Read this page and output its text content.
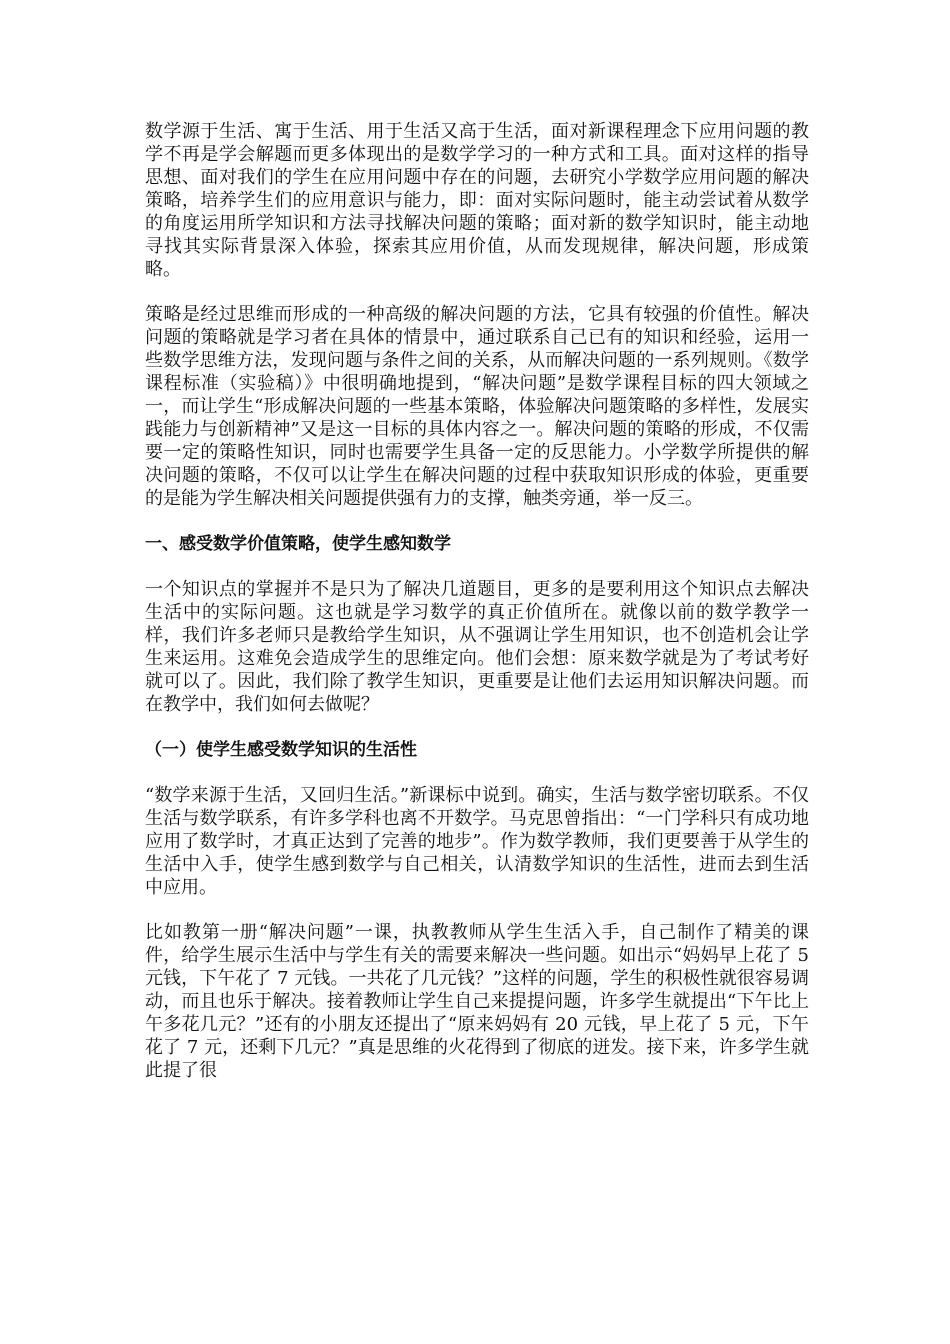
数学源于生活、寓于生活、用于生活又高于生活，面对新课程理念下应用问题的教学不再是学会解题而更多体现出的是数学学习的一种方式和工具。面对这样的指导思想、面对我们的学生在应用问题中存在的问题，去研究小学数学应用问题的解决策略，培养学生们的应用意识与能力，即：面对实际问题时，能主动尝试着从数学的角度运用所学知识和方法寻找解决问题的策略；面对新的数学知识时，能主动地寻找其实际背景深入体验，探索其应用价值，从而发现规律，解决问题，形成策略。

策略是经过思维而形成的一种高级的解决问题的方法，它具有较强的价值性。解决问题的策略就是学习者在具体的情景中，通过联系自己已有的知识和经验，运用一些数学思维方法，发现问题与条件之间的关系，从而解决问题的一系列规则。《数学课程标准（实验稿）》中很明确地提到，“解决问题”是数学课程目标的四大领域之一，而让学生“形成解决问题的一些基本策略，体验解决问题策略的多样性，发展实践能力与创新精神”又是这一目标的具体内容之一。解决问题的策略的形成，不仅需要一定的策略性知识，同时也需要学生具备一定的反思能力。小学数学所提供的解决问题的策略，不仅可以让学生在解决问题的过程中获取知识形成的体验，更重要的是能为学生解决相关问题提供强有力的支撑，触类旁通，举一反三。

一、感受数学价值策略，使学生感知数学

一个知识点的掌握并不是只为了解决几道题目，更多的是要利用这个知识点去解决生活中的实际问题。这也就是学习数学的真正价值所在。就像以前的数学教学一样，我们许多老师只是教给学生知识，从不强调让学生用知识，也不创造机会让学生来运用。这难免会造成学生的思维定向。他们会想：原来数学就是为了考试考好就可以了。因此，我们除了教学生知识，更重要是让他们去运用知识解决问题。而在教学中，我们如何去做呢？

（一）使学生感受数学知识的生活性

“数学来源于生活，又回归生活。”新课标中说到。确实，生活与数学密切联系。不仅生活与数学联系，有许多学科也离不开数学。马克思曾指出：“一门学科只有成功地应用了数学时，才真正达到了完善的地步”。作为数学教师，我们更要善于从学生的生活中入手，使学生感到数学与自己相关，认清数学知识的生活性，进而去到生活中应用。

比如教第一册“解决问题”一课，执教教师从学生生活入手，自己制作了精美的课件，给学生展示生活中与学生有关的需要来解决一些问题。如出示“妈妈早上花了 5 元钱，下午花了 7 元钱。一共花了几元钱？”这样的问题，学生的积极性就很容易调动，而且也乐于解决。接着教师让学生自己来提提问题，许多学生就提出“下午比上午多花几元？”还有的小朋友还提出了“原来妈妈有 20 元钱，早上花了 5 元，下午花了 7 元，还剩下几元？”真是思维的火花得到了彻底的迸发。接下来，许多学生就此提了很
